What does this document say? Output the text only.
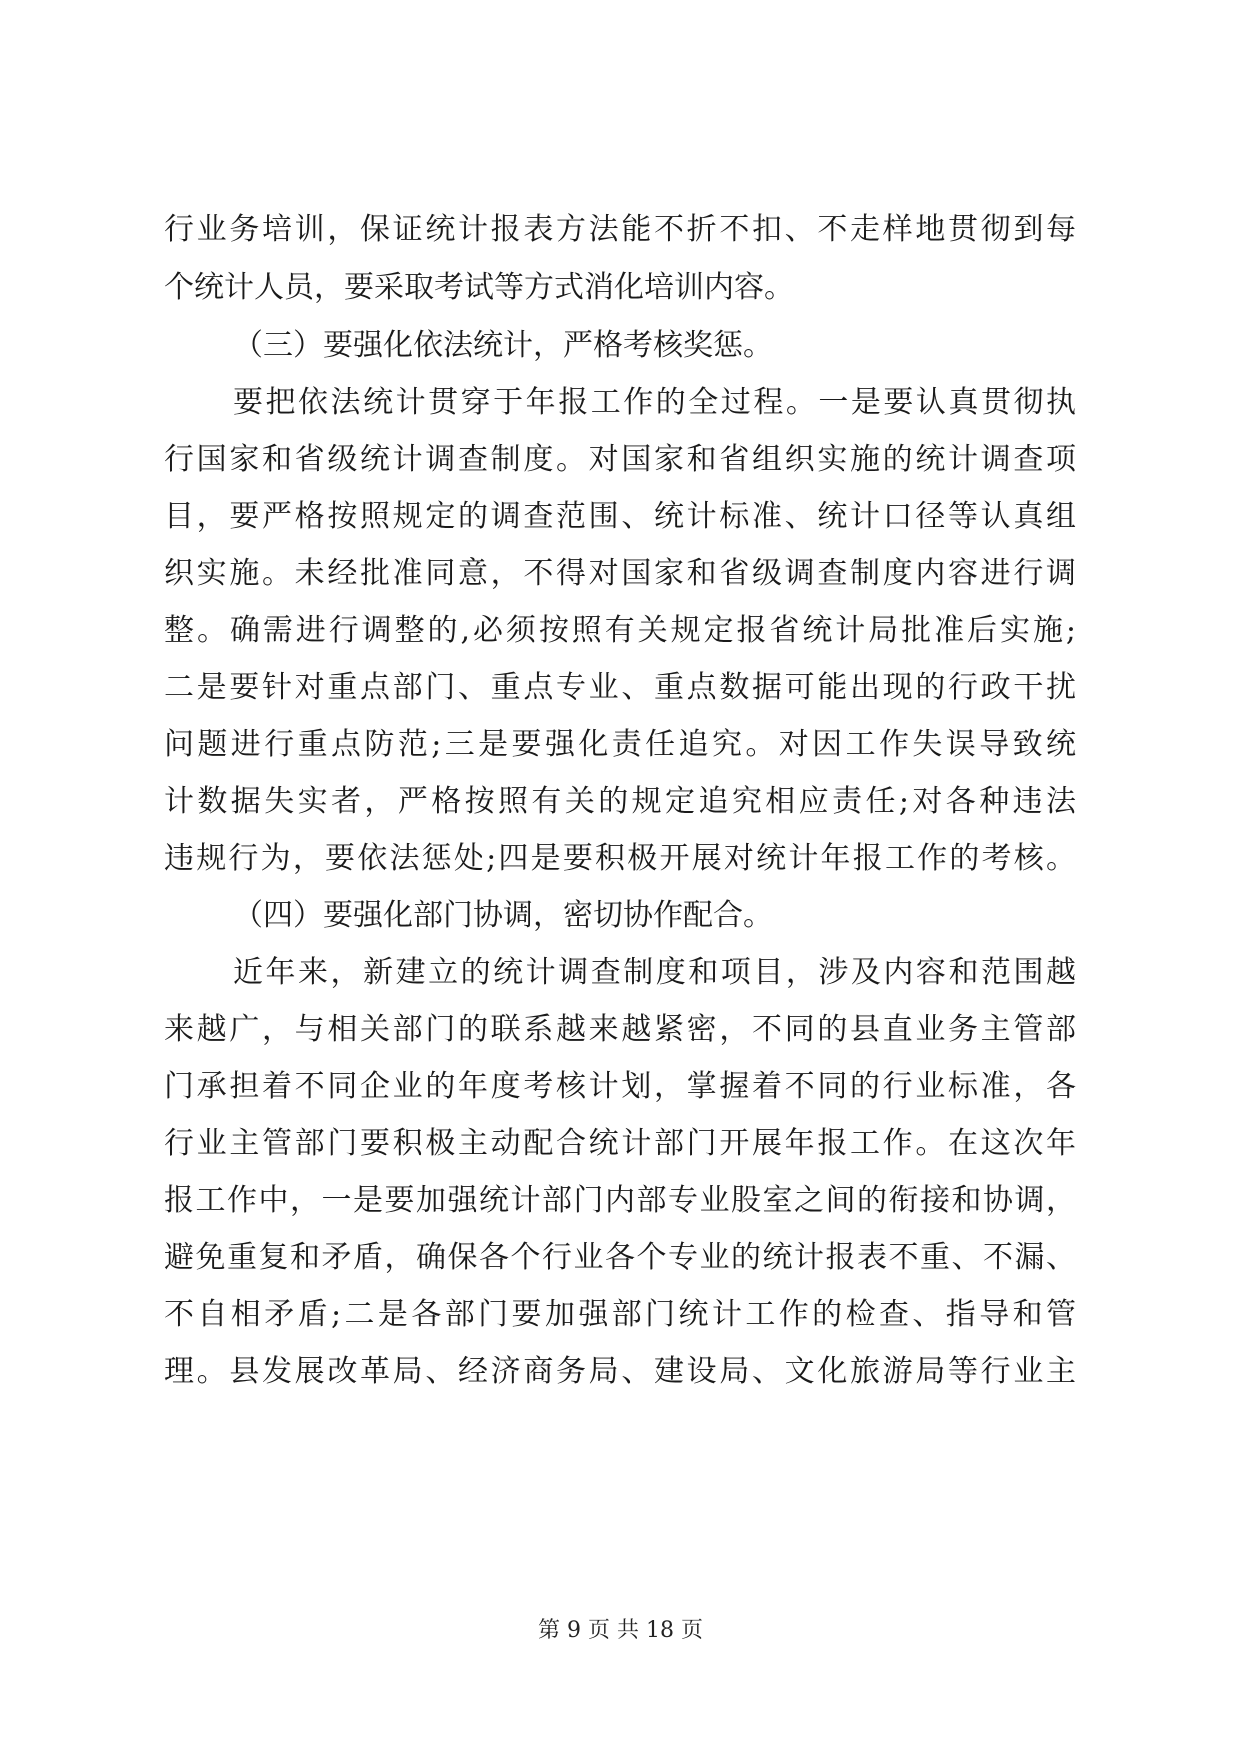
行业务培训，保证统计报表方法能不折不扣、不走样地贯彻到每
个统计人员，要采取考试等方式消化培训内容。
（三）要强化依法统计，严格考核奖惩。
要把依法统计贯穿于年报工作的全过程。一是要认真贯彻执
行国家和省级统计调查制度。对国家和省组织实施的统计调查项
目，要严格按照规定的调查范围、统计标准、统计口径等认真组
织实施。未经批准同意，不得对国家和省级调查制度内容进行调
整。确需进行调整的,必须按照有关规定报省统计局批准后实施;
二是要针对重点部门、重点专业、重点数据可能出现的行政干扰
问题进行重点防范;三是要强化责任追究。对因工作失误导致统
计数据失实者，严格按照有关的规定追究相应责任;对各种违法
违规行为，要依法惩处;四是要积极开展对统计年报工作的考核。
（四）要强化部门协调，密切协作配合。
近年来，新建立的统计调查制度和项目，涉及内容和范围越
来越广，与相关部门的联系越来越紧密，不同的县直业务主管部
门承担着不同企业的年度考核计划，掌握着不同的行业标准，各
行业主管部门要积极主动配合统计部门开展年报工作。在这次年
报工作中，一是要加强统计部门内部专业股室之间的衔接和协调，
避免重复和矛盾，确保各个行业各个专业的统计报表不重、不漏、
不自相矛盾;二是各部门要加强部门统计工作的检查、指导和管
理。县发展改革局、经济商务局、建设局、文化旅游局等行业主
第 9 页 共 18 页
